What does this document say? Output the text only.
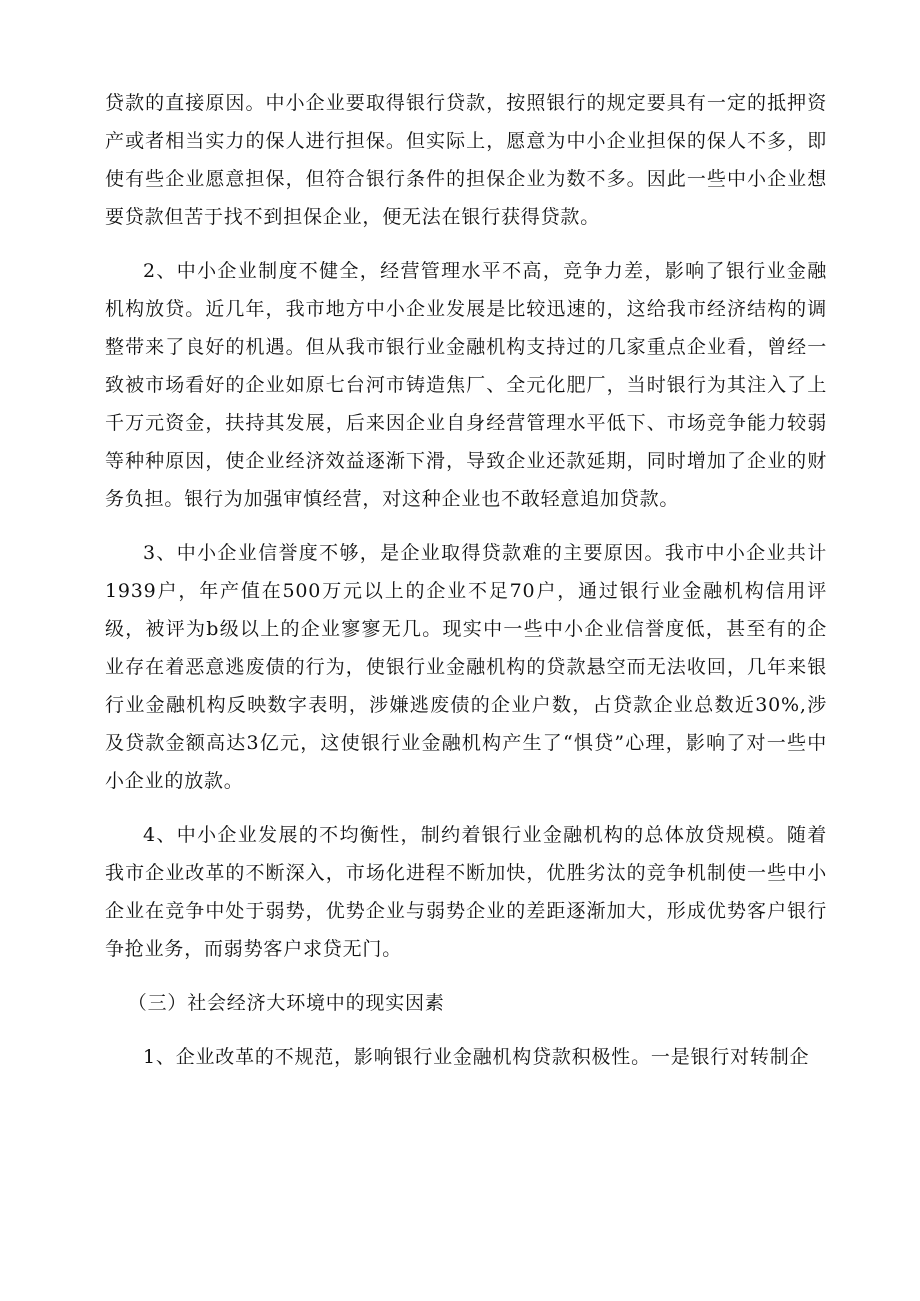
贷款的直接原因。中小企业要取得银行贷款，按照银行的规定要具有一定的抵押资产或者相当实力的保人进行担保。但实际上，愿意为中小企业担保的保人不多，即使有些企业愿意担保，但符合银行条件的担保企业为数不多。因此一些中小企业想要贷款但苦于找不到担保企业，便无法在银行获得贷款。

2、中小企业制度不健全，经营管理水平不高，竞争力差，影响了银行业金融机构放贷。近几年，我市地方中小企业发展是比较迅速的，这给我市经济结构的调整带来了良好的机遇。但从我市银行业金融机构支持过的几家重点企业看，曾经一致被市场看好的企业如原七台河市铸造焦厂、全元化肥厂，当时银行为其注入了上千万元资金，扶持其发展，后来因企业自身经营管理水平低下、市场竞争能力较弱等种种原因，使企业经济效益逐渐下滑，导致企业还款延期，同时增加了企业的财务负担。银行为加强审慎经营，对这种企业也不敢轻意追加贷款。

3、中小企业信誉度不够，是企业取得贷款难的主要原因。我市中小企业共计1939户，年产值在500万元以上的企业不足70户，通过银行业金融机构信用评级，被评为b级以上的企业寥寥无几。现实中一些中小企业信誉度低，甚至有的企业存在着恶意逃废债的行为，使银行业金融机构的贷款悬空而无法收回，几年来银行业金融机构反映数字表明，涉嫌逃废债的企业户数，占贷款企业总数近30%,涉及贷款金额高达3亿元，这使银行业金融机构产生了“惧贷”心理，影响了对一些中小企业的放款。

4、中小企业发展的不均衡性，制约着银行业金融机构的总体放贷规模。随着我市企业改革的不断深入，市场化进程不断加快，优胜劣汰的竞争机制使一些中小企业在竞争中处于弱势，优势企业与弱势企业的差距逐渐加大，形成优势客户银行争抢业务，而弱势客户求贷无门。

（三）社会经济大环境中的现实因素

1、企业改革的不规范，影响银行业金融机构贷款积极性。一是银行对转制企
